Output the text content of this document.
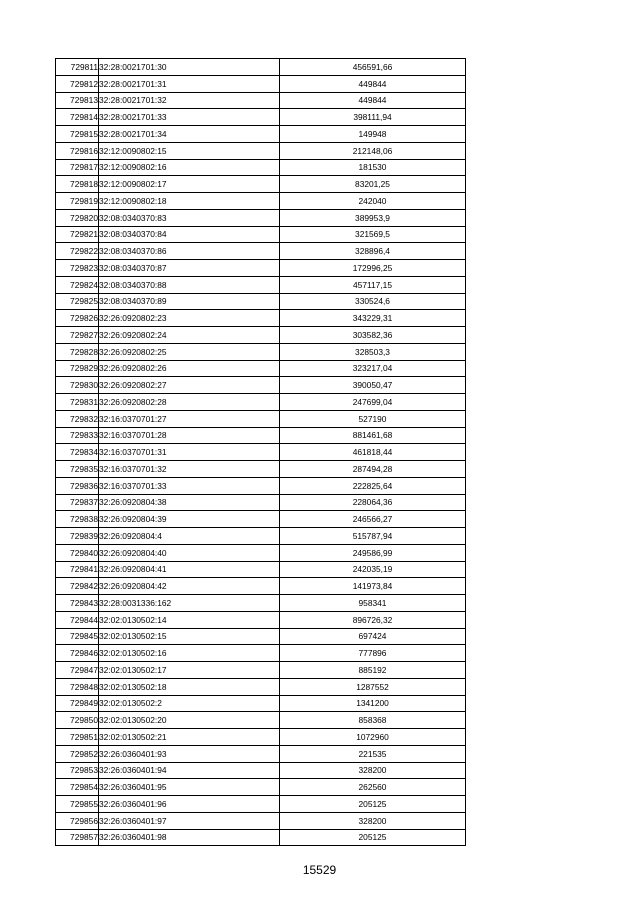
729811	32:28:0021701:30	456591,66
729812	32:28:0021701:31	449844
729813	32:28:0021701:32	449844
729814	32:28:0021701:33	398111,94
729815	32:28:0021701:34	149948
729816	32:12:0090802:15	212148,06
729817	32:12:0090802:16	181530
729818	32:12:0090802:17	83201,25
729819	32:12:0090802:18	242040
729820	32:08:0340370:83	389953,9
729821	32:08:0340370:84	321569,5
729822	32:08:0340370:86	328896,4
729823	32:08:0340370:87	172996,25
729824	32:08:0340370:88	457117,15
729825	32:08:0340370:89	330524,6
729826	32:26:0920802:23	343229,31
729827	32:26:0920802:24	303582,36
729828	32:26:0920802:25	328503,3
729829	32:26:0920802:26	323217,04
729830	32:26:0920802:27	390050,47
729831	32:26:0920802:28	247699,04
729832	32:16:0370701:27	527190
729833	32:16:0370701:28	881461,68
729834	32:16:0370701:31	461818,44
729835	32:16:0370701:32	287494,28
729836	32:16:0370701:33	222825,64
729837	32:26:0920804:38	228064,36
729838	32:26:0920804:39	246566,27
729839	32:26:0920804:4	515787,94
729840	32:26:0920804:40	249586,99
729841	32:26:0920804:41	242035,19
729842	32:26:0920804:42	141973,84
729843	32:28:0031336:162	958341
729844	32:02:0130502:14	896726,32
729845	32:02:0130502:15	697424
729846	32:02:0130502:16	777896
729847	32:02:0130502:17	885192
729848	32:02:0130502:18	1287552
729849	32:02:0130502:2	1341200
729850	32:02:0130502:20	858368
729851	32:02:0130502:21	1072960
729852	32:26:0360401:93	221535
729853	32:26:0360401:94	328200
729854	32:26:0360401:95	262560
729855	32:26:0360401:96	205125
729856	32:26:0360401:97	328200
729857	32:26:0360401:98	205125
15529
